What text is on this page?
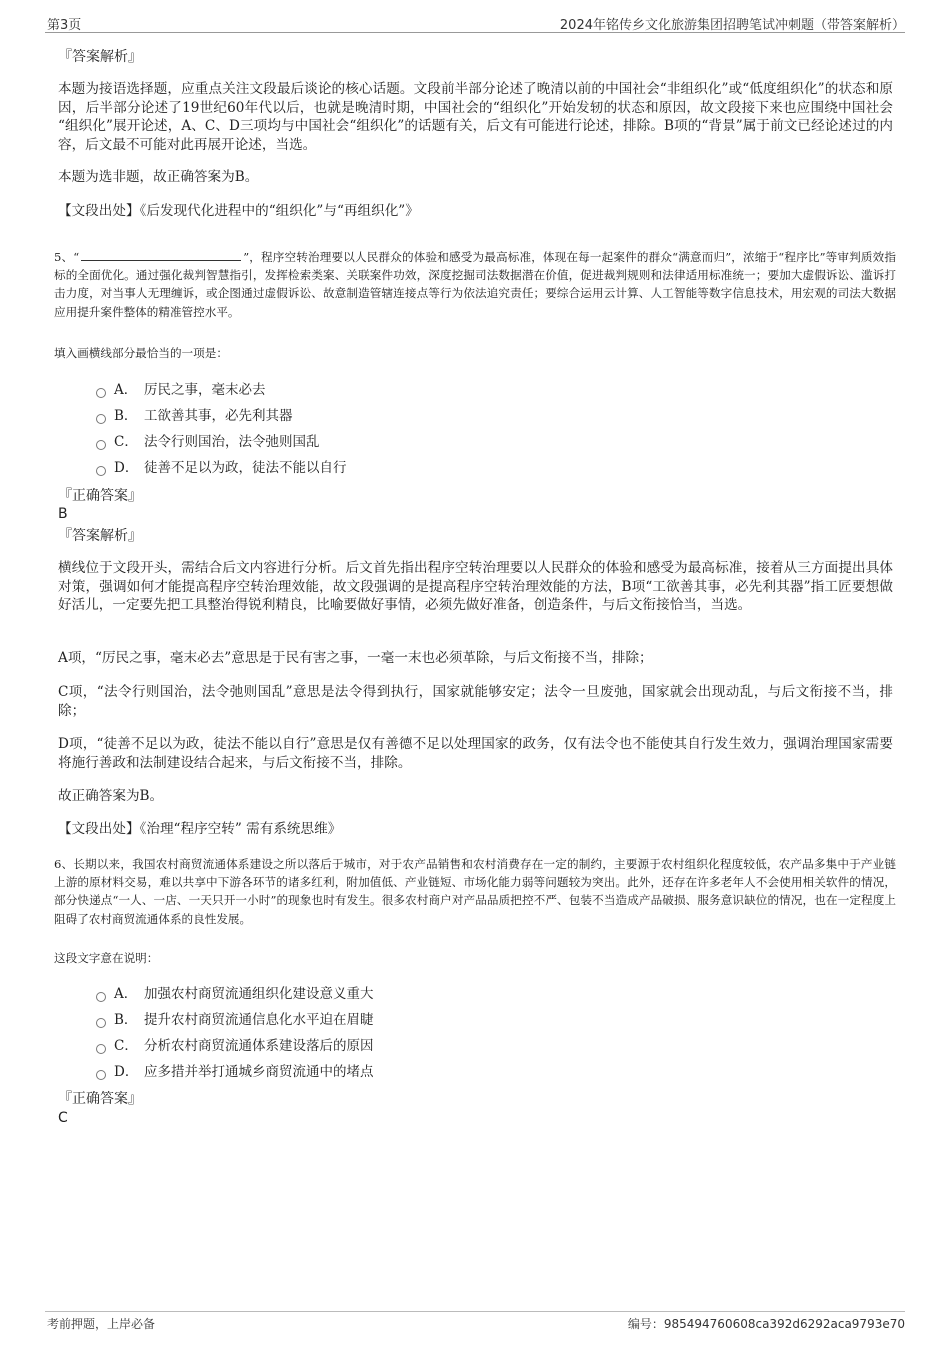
第3页	2024年铭传乡文化旅游集团招聘笔试冲刺题（带答案解析）
『答案解析』
本题为接语选择题，应重点关注文段最后谈论的核心话题。文段前半部分论述了晚清以前的中国社会“非组织化”或“低度组织化”的状态和原因，后半部分论述了19世纪60年代以后，也就是晚清时期，中国社会的“组织化”开始发轫的状态和原因，故文段接下来也应围绕中国社会 “组织化”展开论述，A、C、D三项均与中国社会“组织化”的话题有关，后文有可能进行论述，排除。B项的“背景”属于前文已经论述过的内容，后文最不可能对此再展开论述，当选。
本题为选非题，故正确答案为B。
【文段出处】《后发现代化进程中的“组织化”与“再组织化”》
5、“	”，程序空转治理要以人民群众的体验和感受为最高标准，体现在每一起案件的群众“满意而归”，浓缩于“程序比”等审判质效指标的全面优化。通过强化裁判智慧指引，发挥检索类案、关联案件功效，深度挖掘司法数据潜在价值，促进裁判规则和法律适用标准统一；要加大虚假诉讼、滥诉打击力度，对当事人无理缠诉，或企图通过虚假诉讼、故意制造管辖连接点等行为依法追究责任；要综合运用云计算、人工智能等数字信息技术，用宏观的司法大数据应用提升案件整体的精准管控水平。
填入画横线部分最恰当的一项是：
A． 厉民之事，毫末必去
B． 工欲善其事，必先利其器
C． 法令行则国治，法令弛则国乱
D． 徒善不足以为政，徒法不能以自行
『正确答案』
B
『答案解析』
横线位于文段开头，需结合后文内容进行分析。后文首先指出程序空转治理要以人民群众的体验和感受为最高标准，接着从三方面提出具体对策，强调如何才能提高程序空转治理效能，故文段强调的是提高程序空转治理效能的方法，B项“工欲善其事，必先利其器”指工匠要想做好活儿，一定要先把工具整治得锐利精良，比喻要做好事情，必须先做好准备，创造条件，与后文衔接恰当，当选。
A项，“厉民之事，毫末必去”意思是于民有害之事，一毫一末也必须革除，与后文衔接不当，排除；
C项，“法令行则国治，法令弛则国乱”意思是法令得到执行，国家就能够安定；法令一旦废弛，国家就会出现动乱，与后文衔接不当，排除；
D项，“徒善不足以为政，徒法不能以自行”意思是仅有善德不足以处理国家的政务，仅有法令也不能使其自行发生效力，强调治理国家需要将施行善政和法制建设结合起来，与后文衔接不当，排除。
故正确答案为B。
【文段出处】《治理“程序空转” 需有系统思维》
6、长期以来，我国农村商贸流通体系建设之所以落后于城市，对于农产品销售和农村消费存在一定的制约，主要源于农村组织化程度较低，农产品多集中于产业链上游的原材料交易，难以共享中下游各环节的诸多红利，附加值低、产业链短、市场化能力弱等问题较为突出。此外，还存在许多老年人不会使用相关软件的情况，部分快递点“一人、一店、一天只开一小时”的现象也时有发生。很多农村商户对产品品质把控不严、包装不当造成产品破损、服务意识缺位的情况，也在一定程度上阻碍了农村商贸流通体系的良性发展。
这段文字意在说明：
A． 加强农村商贸流通组织化建设意义重大
B． 提升农村商贸流通信息化水平迫在眉睫
C． 分析农村商贸流通体系建设落后的原因
D． 应多措并举打通城乡商贸流通中的堵点
『正确答案』
C
考前押题，上岸必备	编号：985494760608ca392d6292aca9793e70
